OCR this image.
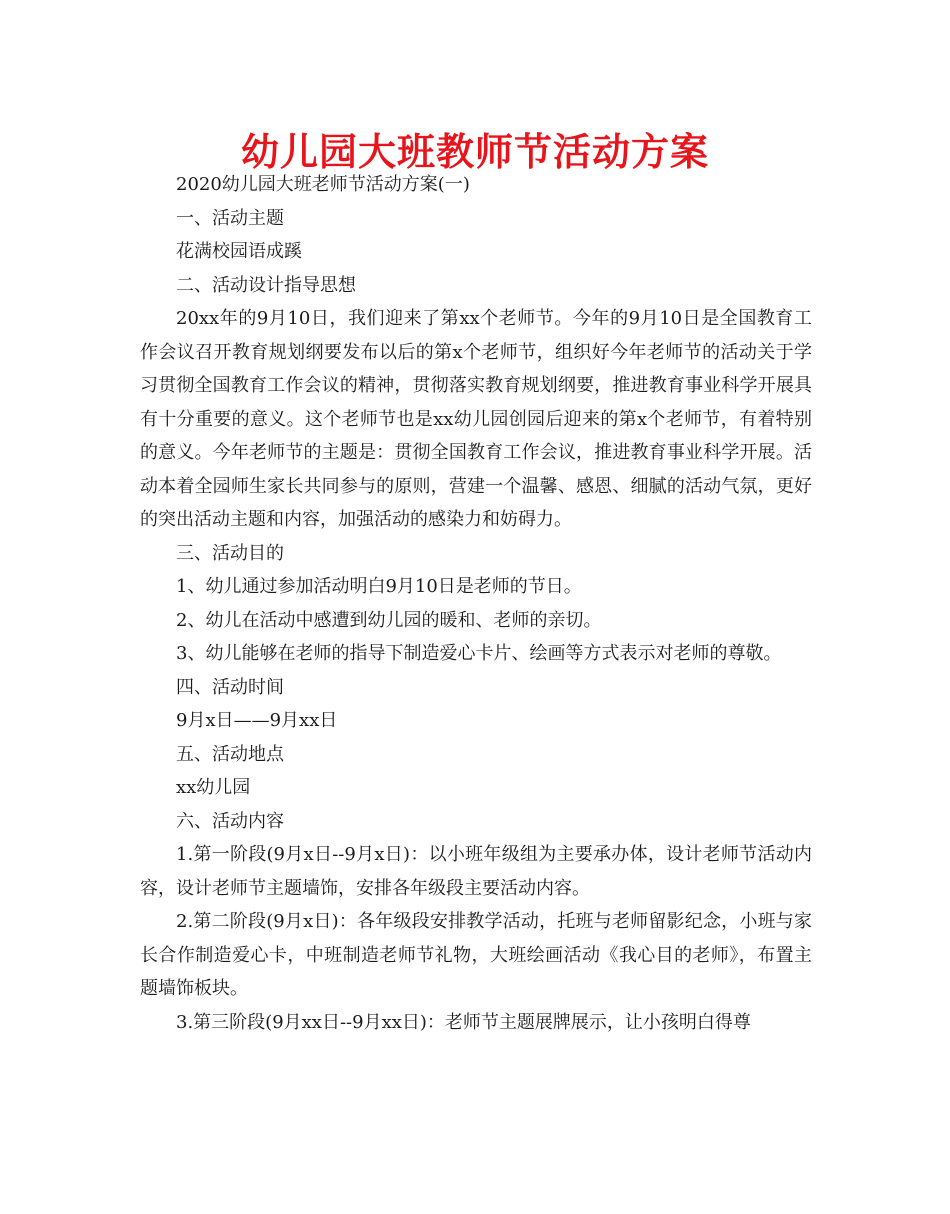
幼儿园大班教师节活动方案

2020幼儿园大班老师节活动方案(一)

一、活动主题

花满校园语成蹊

二、活动设计指导思想

20xx年的9月10日，我们迎来了第xx个老师节。今年的9月10日是全国教育工作会议召开教育规划纲要发布以后的第x个老师节，组织好今年老师节的活动关于学习贯彻全国教育工作会议的精神，贯彻落实教育规划纲要，推进教育事业科学开展具有十分重要的意义。这个老师节也是xx幼儿园创园后迎来的第x个老师节，有着特别的意义。今年老师节的主题是：贯彻全国教育工作会议，推进教育事业科学开展。活动本着全园师生家长共同参与的原则，营建一个温馨、感恩、细腻的活动气氛，更好的突出活动主题和内容，加强活动的感染力和妨碍力。

三、活动目的

1、幼儿通过参加活动明白9月10日是老师的节日。

2、幼儿在活动中感遭到幼儿园的暖和、老师的亲切。

3、幼儿能够在老师的指导下制造爱心卡片、绘画等方式表示对老师的尊敬。

四、活动时间

9月x日——9月xx日

五、活动地点

xx幼儿园

六、活动内容

1.第一阶段(9月x日--9月x日)：以小班年级组为主要承办体，设计老师节活动内容，设计老师节主题墙饰，安排各年级段主要活动内容。

2.第二阶段(9月x日)：各年级段安排教学活动，托班与老师留影纪念，小班与家长合作制造爱心卡，中班制造老师节礼物，大班绘画活动《我心目的老师》，布置主题墙饰板块。

3.第三阶段(9月xx日--9月xx日)：老师节主题展牌展示，让小孩明白得尊
